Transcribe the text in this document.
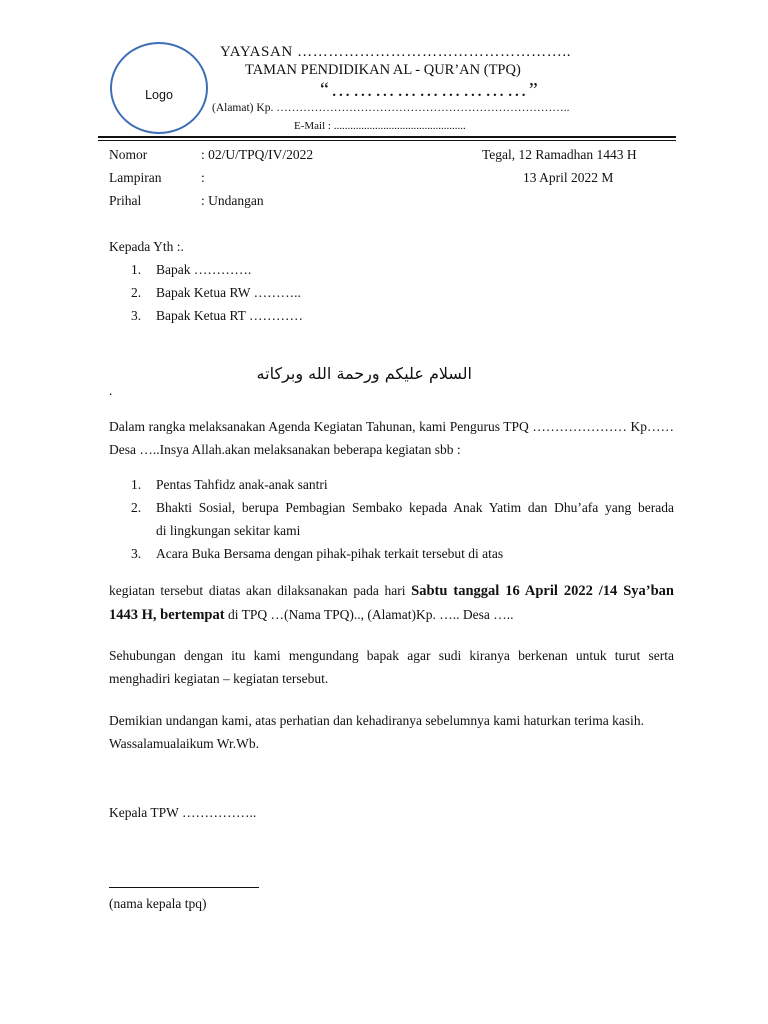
Logo
YAYASAN ……………………………………………..
TAMAN PENDIDIKAN AL - QUR’AN (TPQ)
“………………………”
(Alamat) Kp. …………………………………………………………………..
E-Mail : ................................................
Nomor	: 02/U/TPQ/IV/2022	Tegal, 12 Ramadhan 1443 H
Lampiran	:	13 April 2022 M
Prihal	: Undangan
Kepada Yth :.
1. Bapak ………….
2. Bapak Ketua RW ………..
3. Bapak Ketua RT …………
السلام عليكم ورحمة الله وبركاته
.
Dalam rangka melaksanakan Agenda Kegiatan Tahunan, kami Pengurus TPQ ………………… Kp……Desa …..Insya Allah.akan melaksanakan beberapa kegiatan sbb :
1. Pentas Tahfidz anak-anak santri
2. Bhakti Sosial, berupa Pembagian Sembako kepada Anak Yatim dan Dhu’afa yang berada
di lingkungan sekitar kami
3. Acara Buka Bersama dengan pihak-pihak terkait tersebut di atas
kegiatan tersebut diatas akan dilaksanakan pada hari Sabtu tanggal 16 April 2022 /14 Sya’ban 1443 H, bertempat di TPQ …(Nama TPQ).., (Alamat)Kp. ….. Desa …..
Sehubungan dengan itu kami mengundang bapak agar sudi kiranya berkenan untuk turut serta menghadiri kegiatan – kegiatan tersebut.
Demikian undangan kami, atas perhatian dan kehadiranya sebelumnya kami haturkan terima kasih.
Wassalamualaikum Wr.Wb.
Kepala TPW ……………..
(nama kepala tpq)
